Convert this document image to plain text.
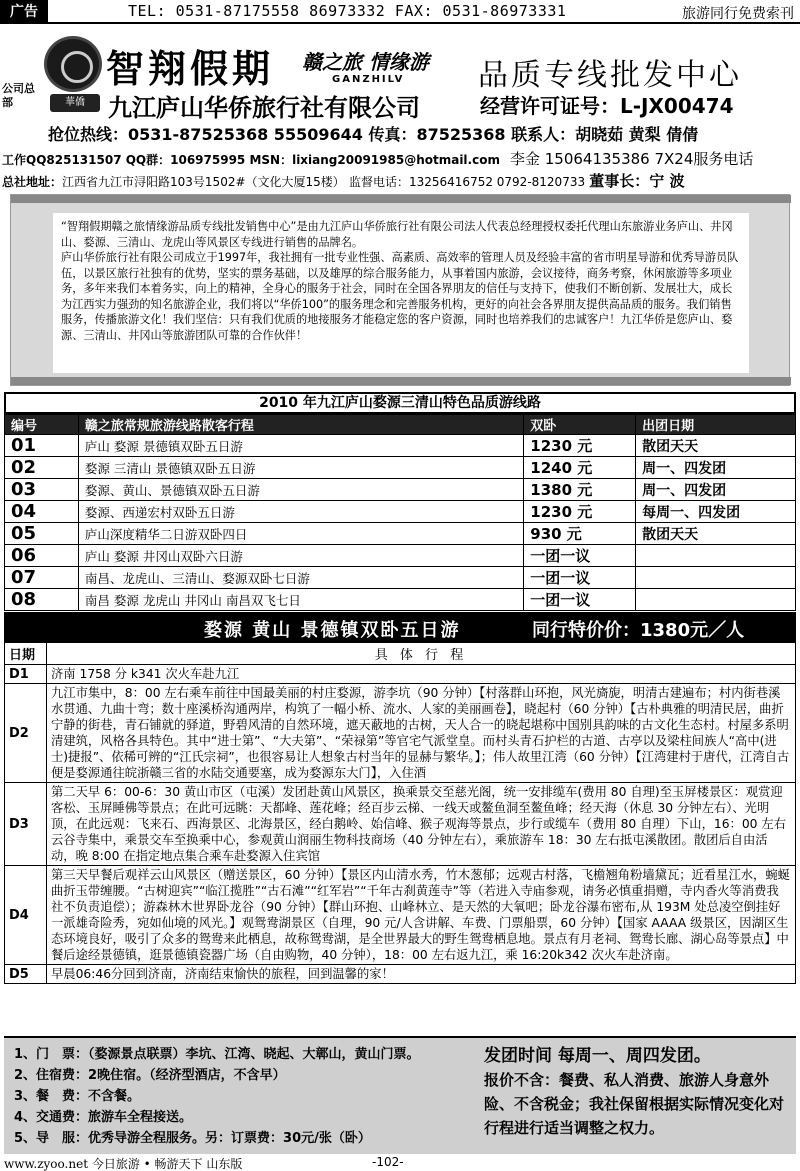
广告	TEL: 0531-87175558 86973332 FAX: 0531-86973331	旅游同行免费索刊
公司总部
智翔假期 赣之旅 情缘游
GANZHILV 品质专线批发中心
華僑 九江庐山华侨旅行社有限公司	经营许可证号：L-JX00474
抢位热线：0531-87525368 55509644 传真：87525368 联系人：胡晓茹 黄梨 倩倩
工作QQ825131507 QQ群：106975995 MSN：lixiang20091985@hotmail.com 李金 15064135386 7X24服务电话
总社地址：江西省九江市浔阳路103号1502#（文化大厦15楼） 监督电话：13256416752 0792-8120733 董事长：宁 波

“智翔假期赣之旅情缘游品质专线批发销售中心”是由九江庐山华侨旅行社有限公司法人代表总经理授权委托代理山东旅游业务庐山、井冈山、婺源、三清山、龙虎山等风景区专线进行销售的品牌名。

庐山华侨旅行社有限公司成立于1997年，我社拥有一批专业性强、高素质、高效率的管理人员及经验丰富的省市明星导游和优秀导游员队伍，以景区旅行社独有的优势，坚实的票务基础，以及雄厚的综合服务能力，从事着国内旅游，会议接待，商务考察，休闲旅游等多项业务，多年来我们本着务实，向上的精神，全身心的服务于社会，同时在全国各界朋友的信任与支持下，使我们不断创新、发展壮大，成长为江西实力强劲的知名旅游企业，我们将以“华侨100”的服务理念和完善服务机构，更好的向社会各界朋友提供高品质的服务。我们销售服务，传播旅游文化！我们坚信：只有我们优质的地接服务才能稳定您的客户资源，同时也培养我们的忠诚客户！九江华侨是您庐山、婺源、三清山、井冈山等旅游团队可靠的合作伙伴！

2010 年九江庐山婺源三清山特色品质游线路
编号	赣之旅常规旅游线路散客行程	双卧	出团日期
01	庐山 婺源 景德镇双卧五日游	1230 元	散团天天
02	婺源 三清山 景德镇双卧五日游	1240 元	周一、四发团
03	婺源、黄山、景德镇双卧五日游	1380 元	周一、四发团
04	婺源、西递宏村双卧五日游	1230 元	每周一、四发团
05	庐山深度精华二日游双卧四日	930 元	散团天天
06	庐山 婺源 井冈山双卧六日游	一团一议	
07	南昌、龙虎山、三清山、婺源双卧七日游	一团一议	
08	南昌 婺源 龙虎山 井冈山 南昌双飞七日	一团一议	
婺源 黄山 景德镇双卧五日游	同行特价价：1380元／人
日期	具 体 行 程
D1	济南 1758 分 k341 次火车赴九江
D2	九江市集中，8：00 左右乘车前往中国最美丽的村庄婺源，游李坑（90 分钟）【村落群山环抱，风光旖旎，明清古建遍布；村内街巷溪水贯通、九曲十弯；数十座溪桥沟通两岸，构筑了一幅小桥、流水、人家的美丽画卷】，晓起村（60 分钟）【古朴典雅的明清民居，曲折宁静的街巷，青石铺就的驿道，野碧风清的自然环境，遮天蔽地的古树，天人合一的晓起堪称中国别具韵味的古文化生态村。村屋多系明清建筑，风格各具特色。其中“进士第”、“大夫第”、“荣禄第”等官宅气派堂皇。而村头青石护栏的古道、古亭以及梁柱间族人“高中(进士)捷报”、依稀可辨的“江氏宗祠”，也很容易让人想象古村当年的显赫与繁华。】；伟人故里江湾（60 分钟）【江湾建村于唐代，江湾自古便是婺源通往皖浙赣三省的水陆交通要塞，成为婺源东大门】，入住酒
D3	第二天早 6：00-6：30 黄山市区（屯溪）发团赴黄山风景区，换乘景交至慈光阁，统一安排缆车(费用 80 自理)至玉屏楼景区：观赏迎客松、玉屏睡佛等景点；在此可远眺：天都峰、莲花峰；经百步云梯、一线天或鳌鱼洞至鳌鱼峰；经天海（休息 30 分钟左右）、光明顶，在此远观：飞来石、西海景区、北海景区，经白鹅岭、始信峰、猴子观海等景点，步行或缆车（费用 80 自理）下山，16：00 左右云谷寺集中，乘景交车至换乘中心，参观黄山润丽生物科技商场（40 分钟左右），乘旅游车 18：30 左右抵屯溪散团。散团后自由活动，晚 8:00 在指定地点集合乘车赴婺源入住宾馆
D4	第三天早餐后观祥云山风景区（赠送景区，60 分钟）【景区内山清水秀，竹木葱郁；远观古村落，飞檐翘角粉墙黛瓦；近看星江水，蜿蜒曲折玉带缠腰。“古树迎宾”“临江揽胜”“古石滩”“红军岩”“千年古刹黄莲寺”等（若进入寺庙参观，请务必慎重捐赠，寺内香火等消费我社不负责追偿）；游森林木世界卧龙谷（90 分钟）【群山环抱、山峰林立、是天然的大氧吧；卧龙谷瀑布密布,从 193M 处总凌空倒挂好一派雄奇险秀，宛如仙境的风光。】观鸳鸯湖景区（自理，90 元/人含讲解、车费、门票船票，60 分钟）【国家 AAAA 级景区，因湖区生态环境良好，吸引了众多的鸳鸯来此栖息，故称鸳鸯湖，是全世界最大的野生鸳鸯栖息地。景点有月老祠、鸳鸯长廊、湖心岛等景点】中餐后途经景德镇，逛景德镇瓷器广场（自由购物，40 分钟），18：00 左右返九江，乘 16:20k342 次火车赴济南。
D5	早晨06:46分回到济南，济南结束愉快的旅程，回到温馨的家！
1、门　票：（婺源景点联票）李坑、江湾、晓起、大鄣山，黄山门票。
2、住宿费：2晚住宿。（经济型酒店，不含早）
3、餐　费：不含餐。
4、交通费：旅游车全程接送。
5、导　服：优秀导游全程服务。另：订票费：30元/张（卧）
发团时间 每周一、周四发团。
报价不含：餐费、私人消费、旅游人身意外险、不含税金；我社保留根据实际情况变化对行程进行适当调整之权力。
www.zyoo.net 今日旅游 • 畅游天下 山东版	-102-
